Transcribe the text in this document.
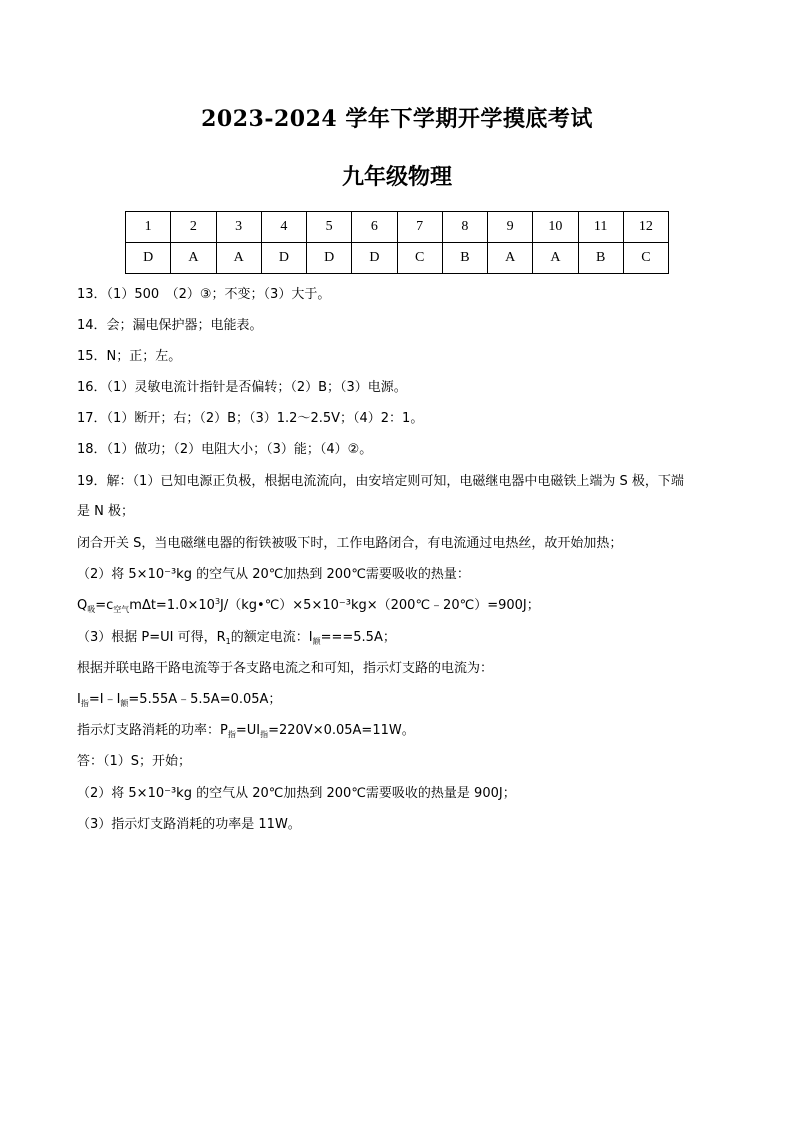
2023-2024 学年下学期开学摸底考试
九年级物理
1	2	3	4	5	6	7	8	9	10	11	12
D	A	A	D	D	D	C	B	A	A	B	C
13．（1）500　（2）③；不变；（3）大于。
14．会；漏电保护器；电能表。
15．N；正；左。
16．（1）灵敏电流计指针是否偏转；（2）B；（3）电源。
17．（1）断开；右；（2）B；（3）1.2～2.5V；（4）2：1。
18．（1）做功；（2）电阻大小；（3）能；（4）②。
19．解：（1）已知电源正负极，根据电流流向，由安培定则可知，电磁继电器中电磁铁上端为 S 极，下端
是 N 极；
闭合开关 S，当电磁继电器的衔铁被吸下时，工作电路闭合，有电流通过电热丝，故开始加热；
（2）将 5×10⁻³kg 的空气从 20℃加热到 200℃需要吸收的热量：
$Q_吸=c_{空气}m\Delta t=1.0\times 10^3J/(kg•℃)\times 5\times 10^{-3}kg\times(200℃﹣20℃)=900J$；
（3）根据 P=UI 可得，$R_1$的额定电流：$I_额===5.5A$；
根据并联电路干路电流等于各支路电流之和可知，指示灯支路的电流为：
$I_指=I﹣I_额=5.55A﹣5.5A=0.05A$；
指示灯支路消耗的功率：$P_指=UI_指=220V\times 0.05A=11W$。
答：（1）S；开始；
（2）将 5×10⁻³kg 的空气从 20℃加热到 200℃需要吸收的热量是 900J；
（3）指示灯支路消耗的功率是 11W。
